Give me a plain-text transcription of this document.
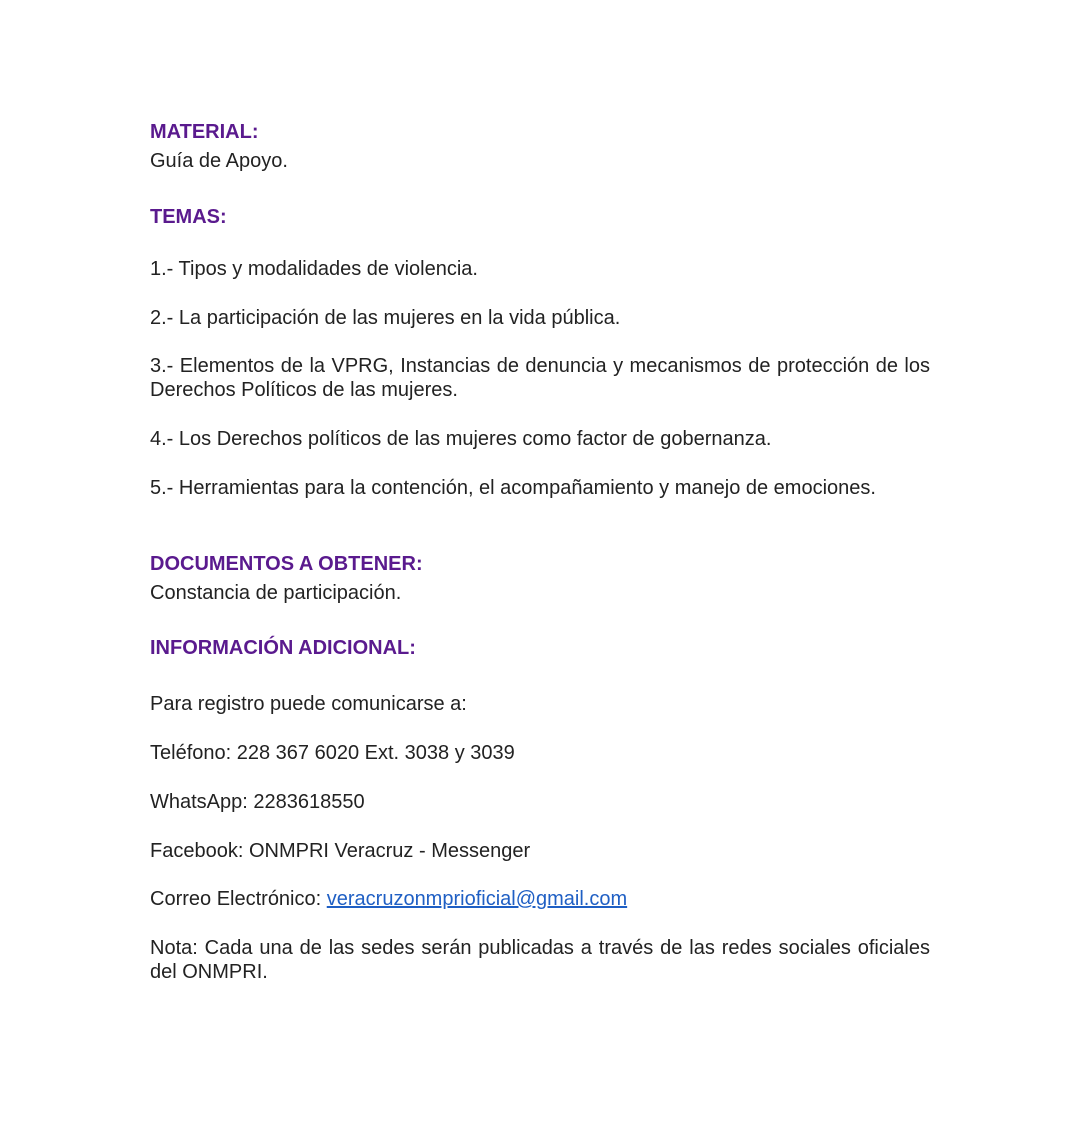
MATERIAL:
Guía de Apoyo.
TEMAS:
1.- Tipos y modalidades de violencia.
2.- La participación de las mujeres en la vida pública.
3.- Elementos de la VPRG, Instancias de denuncia y mecanismos de protección de los Derechos Políticos de las mujeres.
4.- Los Derechos políticos de las mujeres como factor de gobernanza.
5.- Herramientas para la contención, el acompañamiento y manejo de emociones.
DOCUMENTOS A OBTENER:
Constancia de participación.
INFORMACIÓN ADICIONAL:
Para registro puede comunicarse a:
Teléfono: 228 367 6020 Ext. 3038 y 3039
WhatsApp: 2283618550
Facebook: ONMPRI Veracruz - Messenger
Correo Electrónico: veracruzonmprioficial@gmail.com
Nota: Cada una de las sedes serán publicadas a través de las redes sociales oficiales del ONMPRI.
